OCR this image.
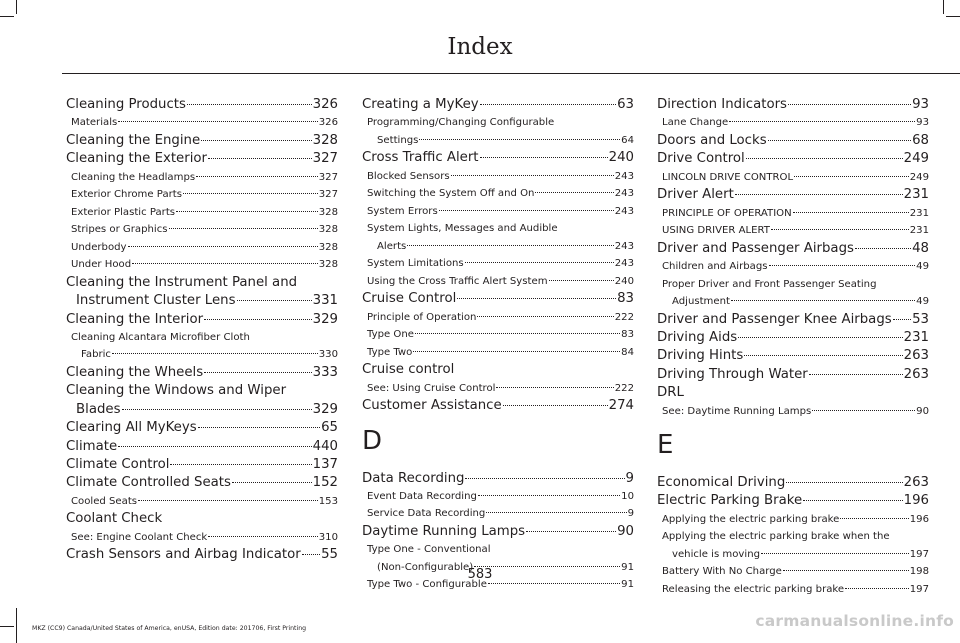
Index
Cleaning Products	326
Materials	326
Cleaning the Engine	328
Cleaning the Exterior	327
Cleaning the Headlamps	327
Exterior Chrome Parts	327
Exterior Plastic Parts	328
Stripes or Graphics	328
Underbody	328
Under Hood	328
Cleaning the Instrument Panel and
Instrument Cluster Lens	331
Cleaning the Interior	329
Cleaning Alcantara Microfiber Cloth
Fabric	330
Cleaning the Wheels	333
Cleaning the Windows and Wiper
Blades	329
Clearing All MyKeys	65
Climate	440
Climate Control	137
Climate Controlled Seats	152
Cooled Seats	153
Coolant Check
See: Engine Coolant Check	310
Crash Sensors and Airbag Indicator 55
Creating a MyKey	63
Programming/Changing Configurable
Settings	64
Cross Traffic Alert	240
Blocked Sensors	243
Switching the System Off and On	243
System Errors	243
System Lights, Messages and Audible
Alerts	243
System Limitations	243
Using the Cross Traffic Alert System	240
Cruise Control	83
Principle of Operation	222
Type One	83
Type Two	84
Cruise control
See: Using Cruise Control	222
Customer Assistance	274
D
Data Recording	9
Event Data Recording	10
Service Data Recording	9
Daytime Running Lamps	90
Type One - Conventional
(Non-Configurable)	91
Type Two - Configurable	91
Direction Indicators	93
Lane Change	93
Doors and Locks	68
Drive Control	249
LINCOLN DRIVE CONTROL	249
Driver Alert	231
PRINCIPLE OF OPERATION	231
USING DRIVER ALERT	231
Driver and Passenger Airbags	48
Children and Airbags	49
Proper Driver and Front Passenger Seating
Adjustment	49
Driver and Passenger Knee Airbags 53
Driving Aids	231
Driving Hints	263
Driving Through Water	263
DRL
See: Daytime Running Lamps	90
E
Economical Driving	263
Electric Parking Brake	196
Applying the electric parking brake	196
Applying the electric parking brake when the
vehicle is moving	197
Battery With No Charge	198
Releasing the electric parking brake	197
583
MKZ (CC9) Canada/United States of America, enUSA, Edition date: 201706, First Printing	carmanualsonline.info
